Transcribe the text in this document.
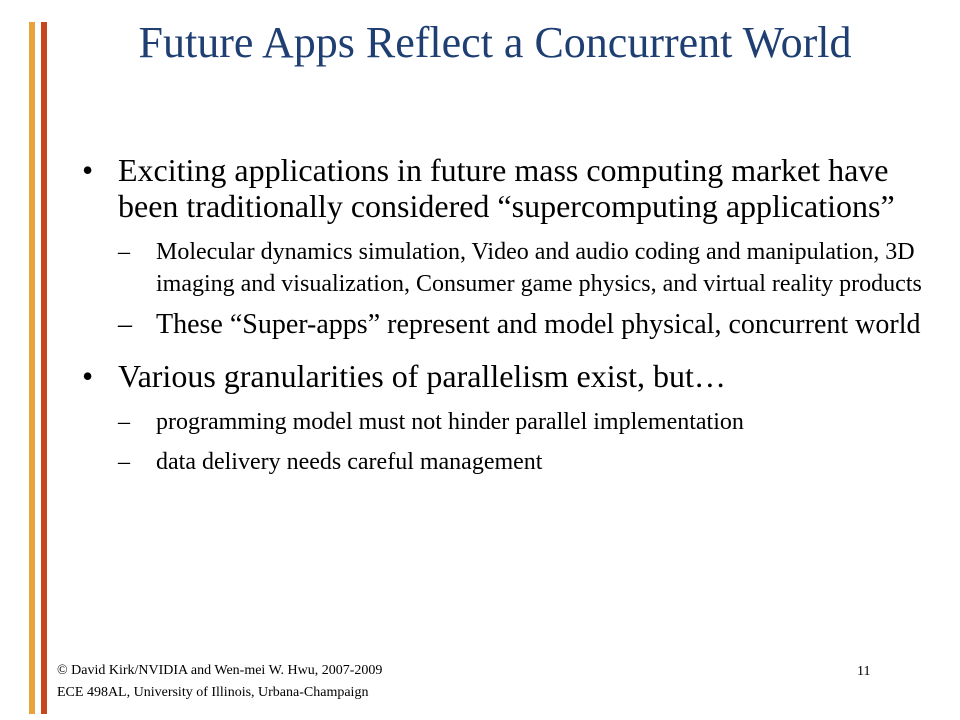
Future Apps Reflect a Concurrent World
• Exciting applications in future mass computing market have been traditionally considered “supercomputing applications”
– Molecular dynamics simulation, Video and audio coding and manipulation, 3D imaging and visualization, Consumer game physics, and virtual reality products
– These “Super-apps” represent and model physical, concurrent world
• Various granularities of parallelism exist, but…
– programming model must not hinder parallel implementation
– data delivery needs careful management
© David Kirk/NVIDIA and Wen-mei W. Hwu, 2007-2009
ECE 498AL, University of Illinois, Urbana-Champaign
11
